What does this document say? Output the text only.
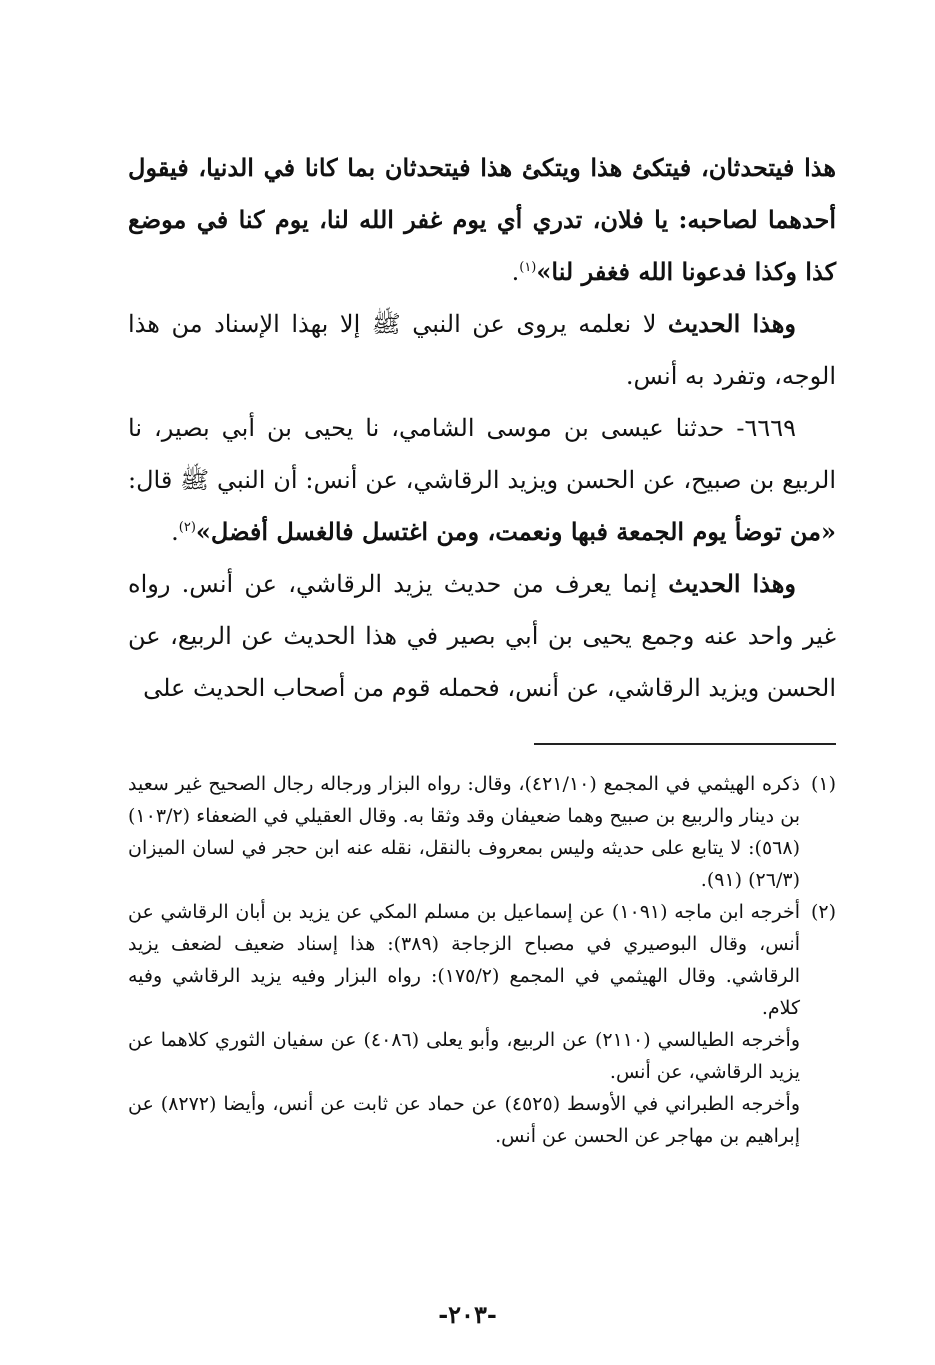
هذا فيتحدثان، فيتكئ هذا ويتكئ هذا فيتحدثان بما كانا في الدنيا، فيقول أحدهما لصاحبه: يا فلان، تدري أي يوم غفر الله لنا، يوم كنا في موضع كذا وكذا فدعونا الله فغفر لنا»$^{(١)}$.

وهذا الحديث لا نعلمه يروى عن النبي ﷺ إلا بهذا الإسناد من هذا الوجه، وتفرد به أنس.

٦٦٦٩- حدثنا عيسى بن موسى الشامي، نا يحيى بن أبي بصير، نا الربيع بن صبيح، عن الحسن ويزيد الرقاشي، عن أنس: أن النبي ﷺ قال: «من توضأ يوم الجمعة فبها ونعمت، ومن اغتسل فالغسل أفضل»$^{(٢)}$.

وهذا الحديث إنما يعرف من حديث يزيد الرقاشي، عن أنس. رواه غير واحد عنه وجمع يحيى بن أبي بصير في هذا الحديث عن الربيع، عن الحسن ويزيد الرقاشي، عن أنس، فحمله قوم من أصحاب الحديث على

(١)

ذكره الهيثمي في المجمع (٤٢١/١٠)، وقال: رواه البزار ورجاله رجال الصحيح غير سعيد بن دينار والربيع بن صبيح وهما ضعيفان وقد وثقا به. وقال العقيلي في الضعفاء (١٠٣/٢) (٥٦٨): لا يتابع على حديثه وليس بمعروف بالنقل، نقله عنه ابن حجر في لسان الميزان (٢٦/٣) (٩١).

(٢)

أخرجه ابن ماجه (١٠٩١) عن إسماعيل بن مسلم المكي عن يزيد بن أبان الرقاشي عن أنس، وقال البوصيري في مصباح الزجاجة (٣٨٩): هذا إسناد ضعيف لضعف يزيد الرقاشي. وقال الهيثمي في المجمع (١٧٥/٢): رواه البزار وفيه يزيد الرقاشي وفيه كلام.

وأخرجه الطيالسي (٢١١٠) عن الربيع، وأبو يعلى (٤٠٨٦) عن سفيان الثوري كلاهما عن يزيد الرقاشي، عن أنس.

وأخرجه الطبراني في الأوسط (٤٥٢٥) عن حماد عن ثابت عن أنس، وأيضا (٨٢٧٢) عن إبراهيم بن مهاجر عن الحسن عن أنس.

-٢٠٣-
